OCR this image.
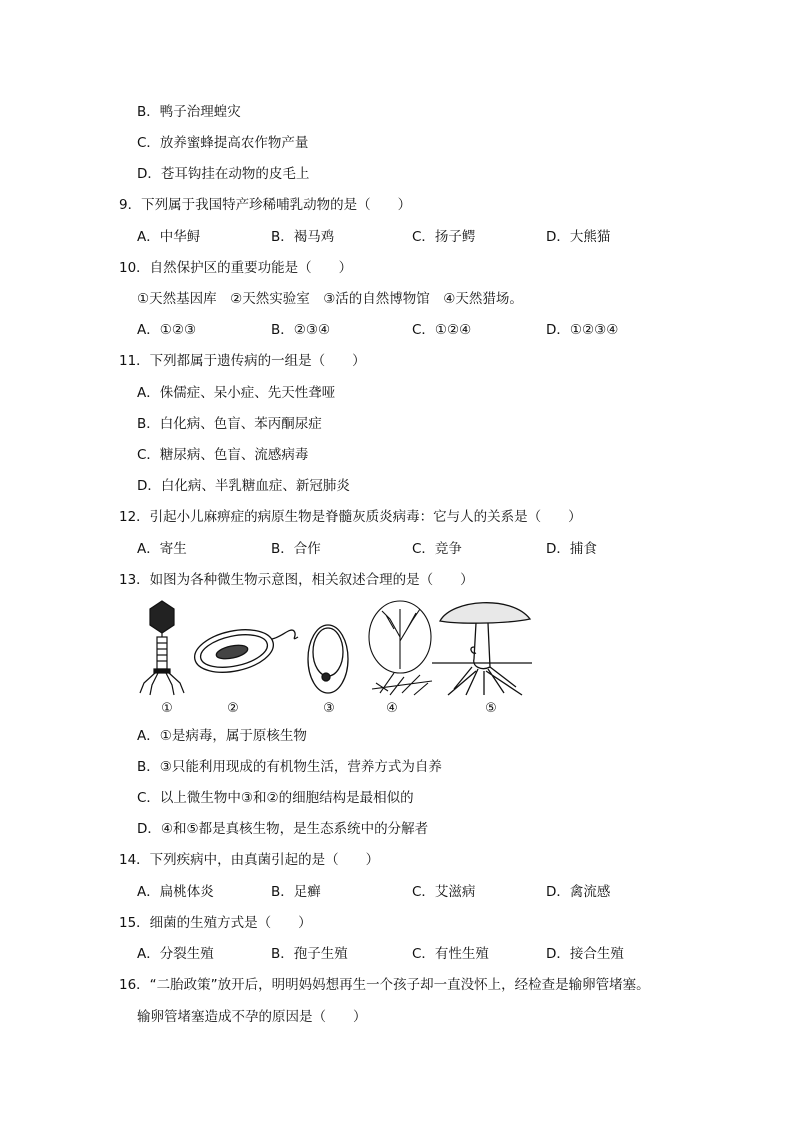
B．鸭子治理蝗灾
C．放养蜜蜂提高农作物产量
D．苍耳钩挂在动物的皮毛上
9．下列属于我国特产珍稀哺乳动物的是（　　）
A．中华鲟	B．褐马鸡	C．扬子鳄	D．大熊猫
10．自然保护区的重要功能是（　　）
①天然基因库　②天然实验室　③活的自然博物馆　④天然猎场。
A．①②③	B．②③④	C．①②④	D．①②③④
11．下列都属于遗传病的一组是（　　）
A．侏儒症、呆小症、先天性聋哑
B．白化病、色盲、苯丙酮尿症
C．糖尿病、色盲、流感病毒
D．白化病、半乳糖血症、新冠肺炎
12．引起小儿麻痹症的病原生物是脊髓灰质炎病毒：它与人的关系是（　　）
A．寄生	B．合作	C．竞争	D．捕食
13．如图为各种微生物示意图，相关叙述合理的是（　　）
①	②	③	④	⑤
A．①是病毒，属于原核生物
B．③只能利用现成的有机物生活，营养方式为自养
C．以上微生物中③和②的细胞结构是最相似的
D．④和⑤都是真核生物，是生态系统中的分解者
14．下列疾病中，由真菌引起的是（　　）
A．扁桃体炎	B．足癣	C．艾滋病	D．禽流感
15．细菌的生殖方式是（　　）
A．分裂生殖	B．孢子生殖	C．有性生殖	D．接合生殖
16．“二胎政策”放开后，明明妈妈想再生一个孩子却一直没怀上，经检查是输卵管堵塞。
输卵管堵塞造成不孕的原因是（　　）
